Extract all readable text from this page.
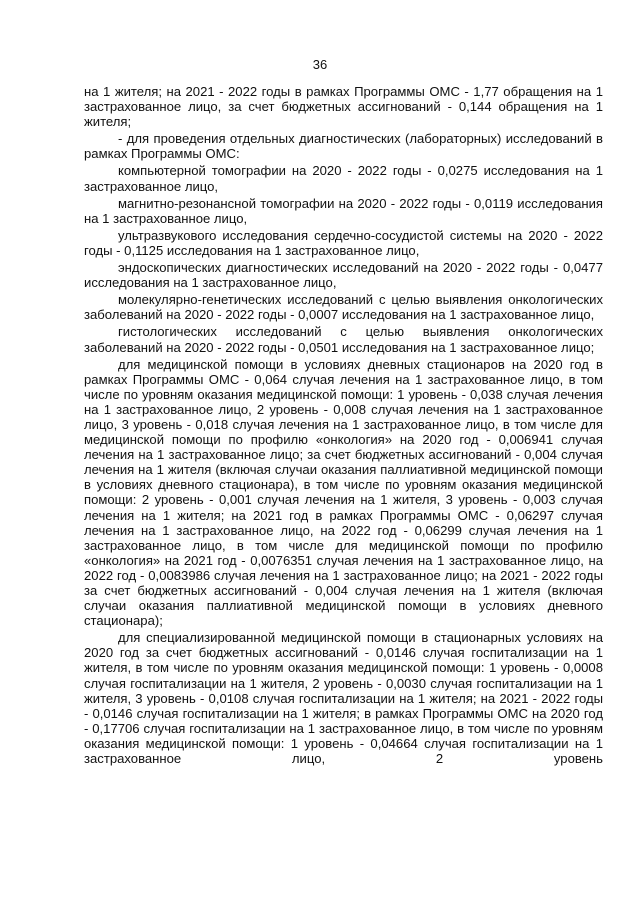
36

на 1 жителя; на 2021 - 2022 годы в рамках Программы ОМС - 1,77 обращения на 1 застрахованное лицо, за счет бюджетных ассигнований - 0,144 обращения на 1 жителя;

- для проведения отдельных диагностических (лабораторных) исследований в рамках Программы ОМС:

компьютерной томографии на 2020 - 2022 годы - 0,0275 исследования на 1 застрахованное лицо,

магнитно-резонансной томографии на 2020 - 2022 годы - 0,0119 исследования на 1 застрахованное лицо,

ультразвукового исследования сердечно-сосудистой системы на 2020 - 2022 годы - 0,1125 исследования на 1 застрахованное лицо,

эндоскопических диагностических исследований на 2020 - 2022 годы - 0,0477 исследования на 1 застрахованное лицо,

молекулярно-генетических исследований с целью выявления онкологических заболеваний на 2020 - 2022 годы - 0,0007 исследования на 1 застрахованное лицо,

гистологических исследований с целью выявления онкологических заболеваний на 2020 - 2022 годы - 0,0501 исследования на 1 застрахованное лицо;

для медицинской помощи в условиях дневных стационаров на 2020 год в рамках Программы ОМС - 0,064 случая лечения на 1 застрахованное лицо, в том числе по уровням оказания медицинской помощи: 1 уровень - 0,038 случая лечения на 1 застрахованное лицо, 2 уровень - 0,008 случая лечения на 1 застрахованное лицо, 3 уровень - 0,018 случая лечения на 1 застрахованное лицо, в том числе для медицинской помощи по профилю «онкология» на 2020 год - 0,006941 случая лечения на 1 застрахованное лицо; за счет бюджетных ассигнований - 0,004 случая лечения на 1 жителя (включая случаи оказания паллиативной медицинской помощи в условиях дневного стационара), в том числе по уровням оказания медицинской помощи: 2 уровень - 0,001 случая лечения на 1 жителя, 3 уровень - 0,003 случая лечения на 1 жителя; на 2021 год в рамках Программы ОМС - 0,06297 случая лечения на 1 застрахованное лицо, на 2022 год - 0,06299 случая лечения на 1 застрахованное лицо, в том числе для медицинской помощи по профилю «онкология» на 2021 год - 0,0076351 случая лечения на 1 застрахованное лицо, на 2022 год - 0,0083986 случая лечения на 1 застрахованное лицо; на 2021 - 2022 годы за счет бюджетных ассигнований - 0,004 случая лечения на 1 жителя (включая случаи оказания паллиативной медицинской помощи в условиях дневного стационара);

для специализированной медицинской помощи в стационарных условиях на 2020 год за счет бюджетных ассигнований - 0,0146 случая госпитализации на 1 жителя, в том числе по уровням оказания медицинской помощи: 1 уровень - 0,0008 случая госпитализации на 1 жителя, 2 уровень - 0,0030 случая госпитализации на 1 жителя, 3 уровень - 0,0108 случая госпитализации на 1 жителя; на 2021 - 2022 годы - 0,0146 случая госпитализации на 1 жителя; в рамках Программы ОМС на 2020 год - 0,17706 случая госпитализации на 1 застрахованное лицо, в том числе по уровням оказания медицинской помощи: 1 уровень - 0,04664 случая госпитализации на 1 застрахованное лицо, 2 уровень
